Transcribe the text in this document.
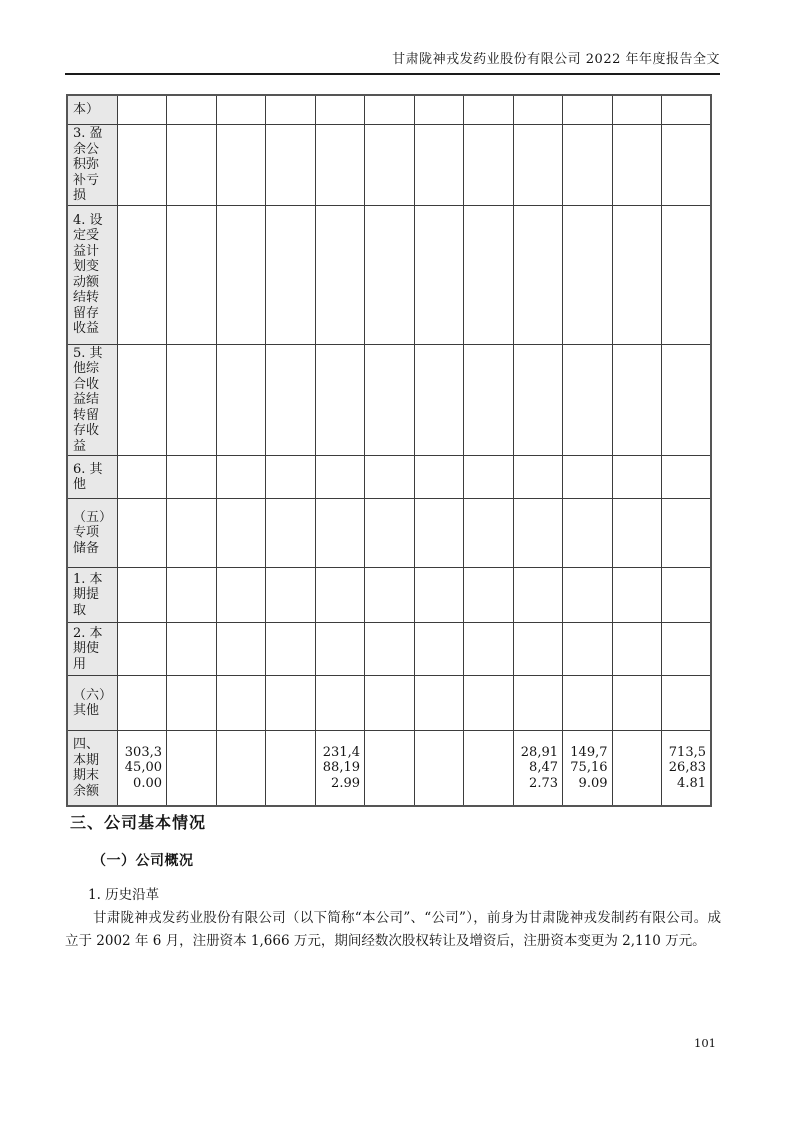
甘肃陇神戎发药业股份有限公司 2022 年年度报告全文
本）												
3. 盈余公积弥补亏损												
4. 设定受益计划变动额结转留存收益												
5. 其他综合收益结转留存收益												
6. 其他												
（五）专项储备												
1. 本期提取												
2. 本期使用												
（六）其他												
四、本期期末余额	303,345,000.00				231,488,192.99				28,918,472.73	149,775,169.09		713,526,834.81
三、公司基本情况
（一）公司概况
1. 历史沿革

甘肃陇神戎发药业股份有限公司（以下简称“本公司”、“公司”），前身为甘肃陇神戎发制药有限公司。成立于 2002 年 6 月，注册资本 1,666 万元，期间经数次股权转让及增资后，注册资本变更为 2,110 万元。

101
